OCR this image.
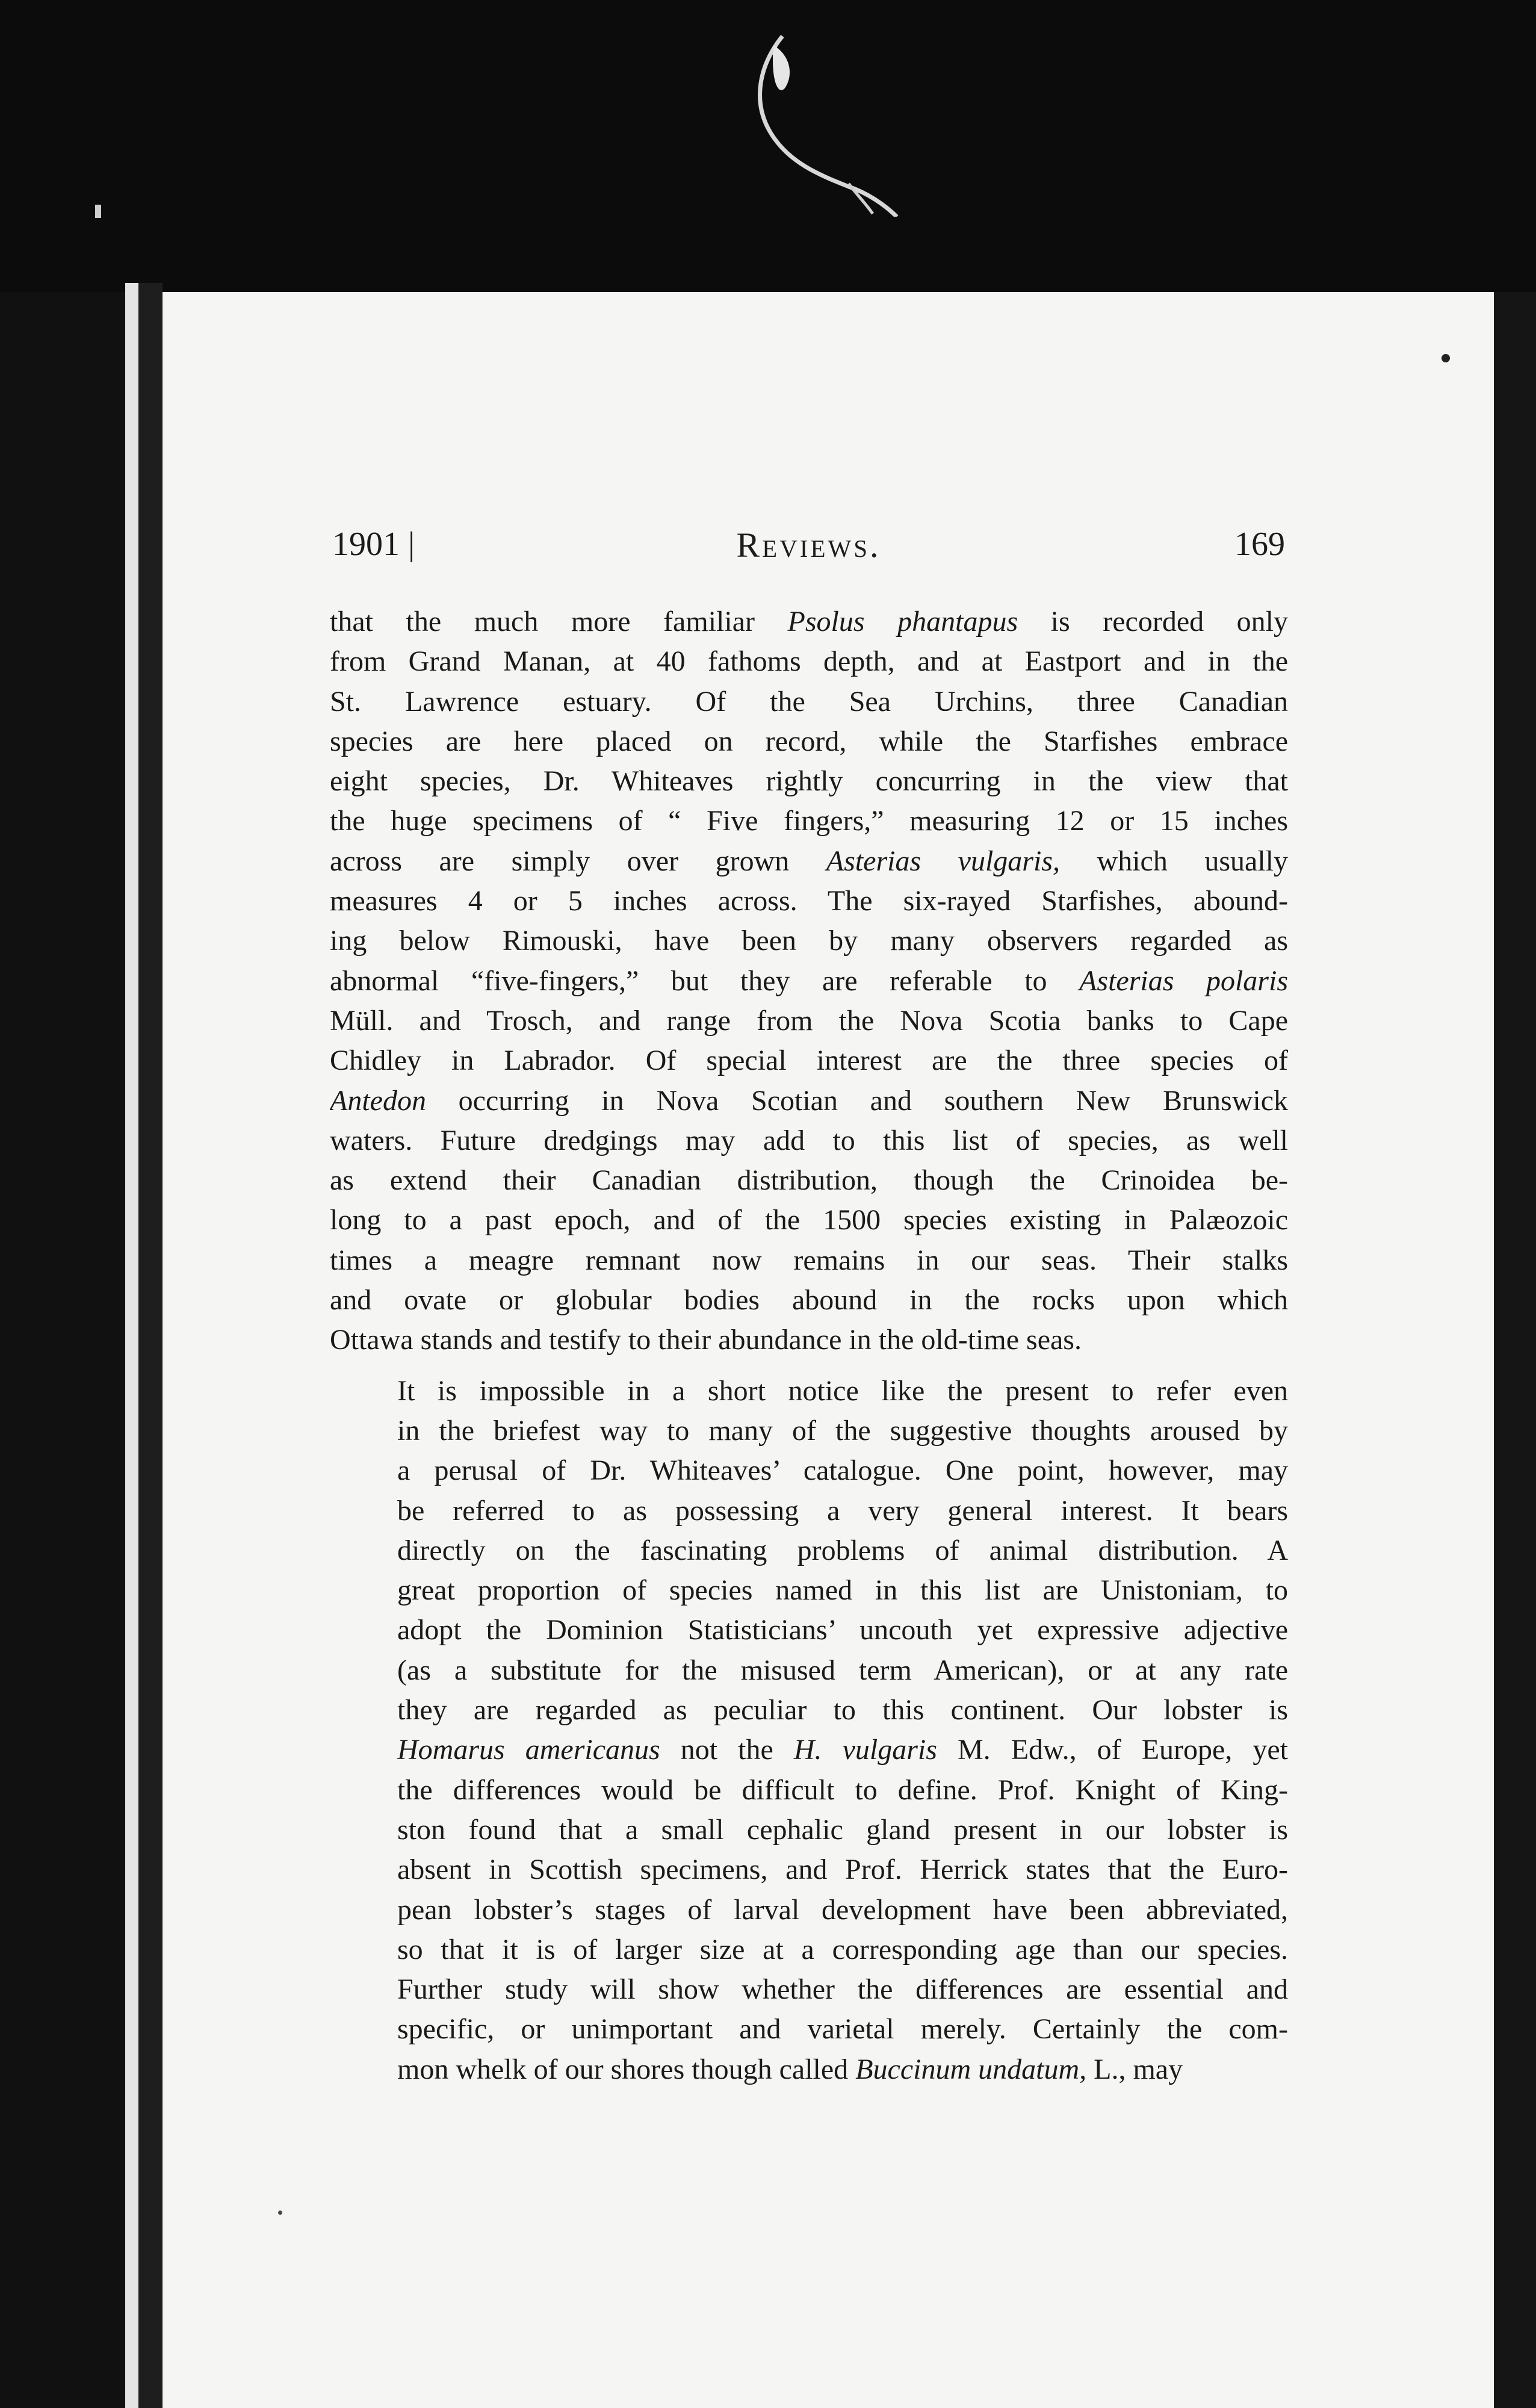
1901 |	Reviews.	169

that the much more familiar Psolus phantapus is recorded only
from Grand Manan, at 40 fathoms depth, and at Eastport and in the
St. Lawrence estuary. Of the Sea Urchins, three Canadian
species are here placed on record, while the Starfishes embrace
eight species, Dr. Whiteaves rightly concurring in the view that
the huge specimens of “ Five fingers,” measuring 12 or 15 inches
across are simply over grown Asterias vulgaris, which usually
measures 4 or 5 inches across. The six-rayed Starfishes, abound-
ing below Rimouski, have been by many observers regarded as
abnormal “five-fingers,” but they are referable to Asterias polaris
Müll. and Trosch, and range from the Nova Scotia banks to Cape
Chidley in Labrador. Of special interest are the three species of
Antedon occurring in Nova Scotian and southern New Brunswick
waters. Future dredgings may add to this list of species, as well
as extend their Canadian distribution, though the Crinoidea be-
long to a past epoch, and of the 1500 species existing in Palæozoic
times a meagre remnant now remains in our seas. Their stalks
and ovate or globular bodies abound in the rocks upon which
Ottawa stands and testify to their abundance in the old-time seas.

It is impossible in a short notice like the present to refer even
in the briefest way to many of the suggestive thoughts aroused by
a perusal of Dr. Whiteaves’ catalogue. One point, however, may
be referred to as possessing a very general interest. It bears
directly on the fascinating problems of animal distribution. A
great proportion of species named in this list are Unistoniam, to
adopt the Dominion Statisticians’ uncouth yet expressive adjective
(as a substitute for the misused term American), or at any rate
they are regarded as peculiar to this continent. Our lobster is
Homarus americanus not the H. vulgaris M. Edw., of Europe, yet
the differences would be difficult to define. Prof. Knight of King-
ston found that a small cephalic gland present in our lobster is
absent in Scottish specimens, and Prof. Herrick states that the Euro-
pean lobster’s stages of larval development have been abbreviated,
so that it is of larger size at a corresponding age than our species.
Further study will show whether the differences are essential and
specific, or unimportant and varietal merely. Certainly the com-
mon whelk of our shores though called Buccinum undatum, L., may
